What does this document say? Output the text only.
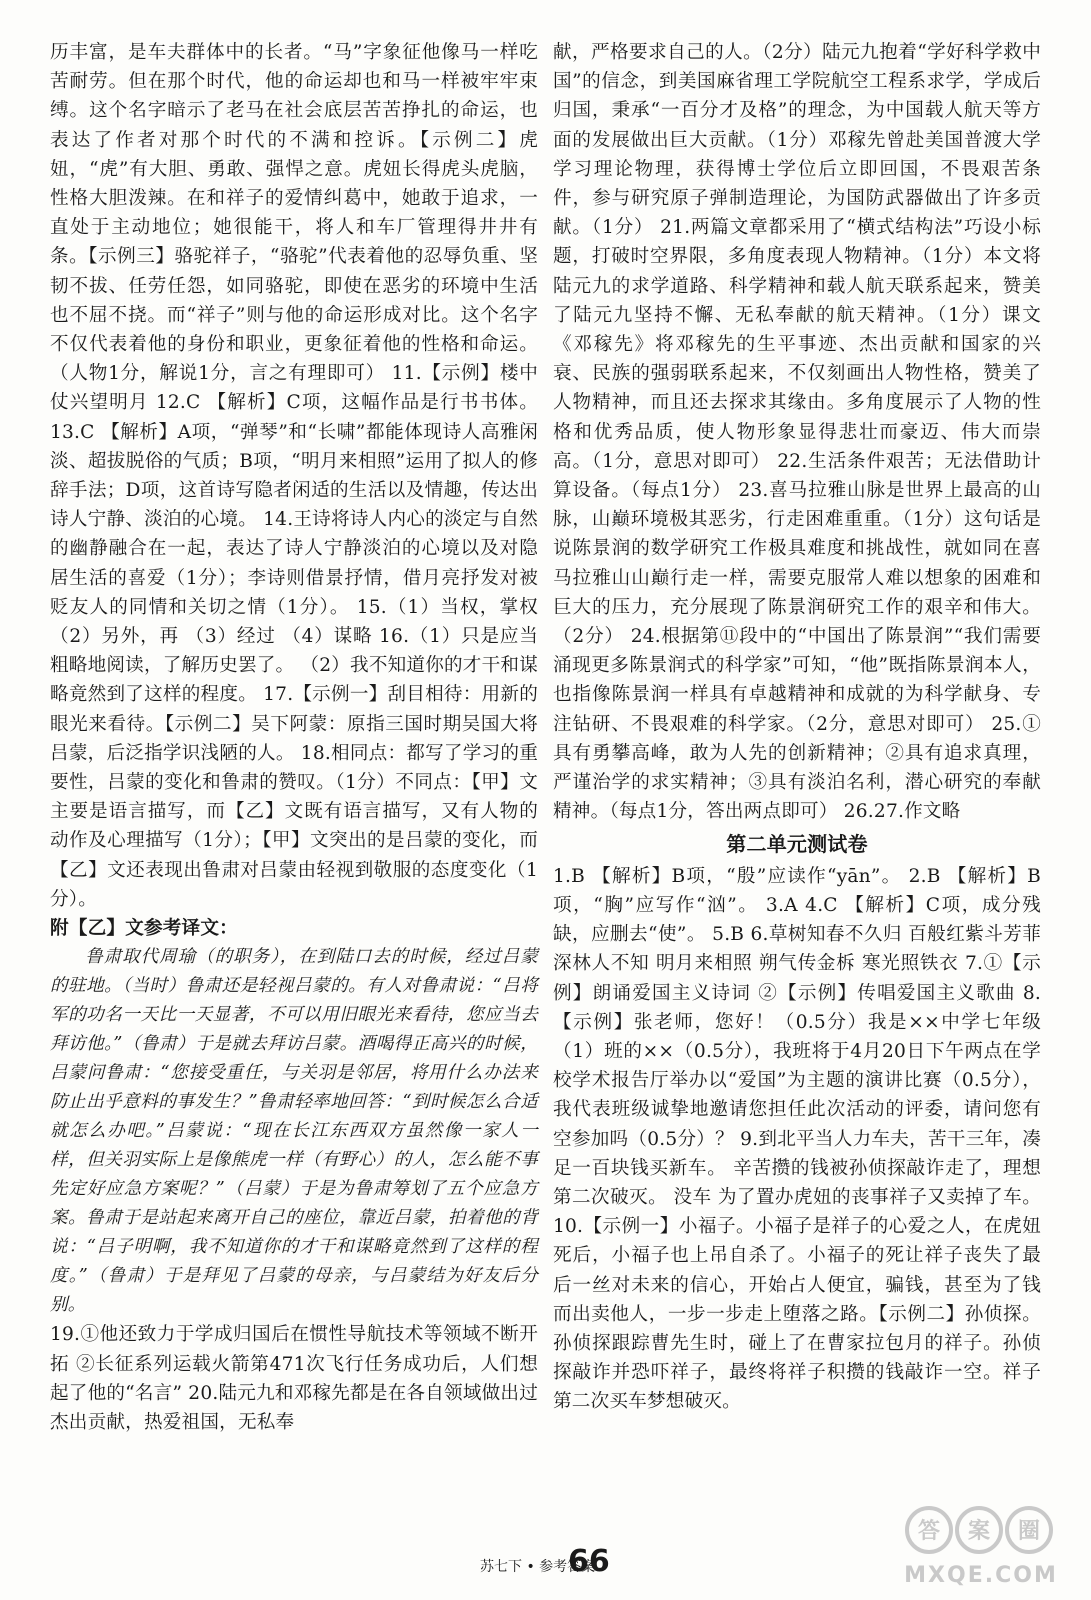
历丰富，是车夫群体中的长者。“马”字象征他像马一样吃苦耐劳。但在那个时代，他的命运却也和马一样被牢牢束缚。这个名字暗示了老马在社会底层苦苦挣扎的命运，也表达了作者对那个时代的不满和控诉。【示例二】虎妞，“虎”有大胆、勇敢、强悍之意。虎妞长得虎头虎脑，性格大胆泼辣。在和祥子的爱情纠葛中，她敢于追求，一直处于主动地位；她很能干，将人和车厂管理得井井有条。【示例三】骆驼祥子，“骆驼”代表着他的忍辱负重、坚韧不拔、任劳任怨，如同骆驼，即使在恶劣的环境中生活也不屈不挠。而“祥子”则与他的命运形成对比。这个名字不仅代表着他的身份和职业，更象征着他的性格和命运。（人物1分，解说1分，言之有理即可） 11.【示例】楼中仗兴望明月 12.C 【解析】C项，这幅作品是行书书体。 13.C 【解析】A项，“弹琴”和“长啸”都能体现诗人高雅闲淡、超拔脱俗的气质；B项，“明月来相照”运用了拟人的修辞手法；D项，这首诗写隐者闲适的生活以及情趣，传达出诗人宁静、淡泊的心境。 14.王诗将诗人内心的淡定与自然的幽静融合在一起，表达了诗人宁静淡泊的心境以及对隐居生活的喜爱（1分）；李诗则借景抒情，借月亮抒发对被贬友人的同情和关切之情（1分）。 15.（1）当权，掌权 （2）另外，再 （3）经过 （4）谋略 16.（1）只是应当粗略地阅读，了解历史罢了。 （2）我不知道你的才干和谋略竟然到了这样的程度。 17.【示例一】刮目相待：用新的眼光来看待。【示例二】吴下阿蒙：原指三国时期吴国大将吕蒙，后泛指学识浅陋的人。 18.相同点：都写了学习的重要性，吕蒙的变化和鲁肃的赞叹。（1分）不同点：【甲】文主要是语言描写，而【乙】文既有语言描写，又有人物的动作及心理描写（1分）；【甲】文突出的是吕蒙的变化，而【乙】文还表现出鲁肃对吕蒙由轻视到敬服的态度变化（1分）。

附【乙】文参考译文：

鲁肃取代周瑜（的职务），在到陆口去的时候，经过吕蒙的驻地。（当时）鲁肃还是轻视吕蒙的。有人对鲁肃说：“吕将军的功名一天比一天显著，不可以用旧眼光来看待，您应当去拜访他。”（鲁肃）于是就去拜访吕蒙。酒喝得正高兴的时候，吕蒙问鲁肃：“您接受重任，与关羽是邻居，将用什么办法来防止出乎意料的事发生？”鲁肃轻率地回答：“到时候怎么合适就怎么办吧。”吕蒙说：“现在长江东西双方虽然像一家人一样，但关羽实际上是像熊虎一样（有野心）的人，怎么能不事先定好应急方案呢？”（吕蒙）于是为鲁肃筹划了五个应急方案。鲁肃于是站起来离开自己的座位，靠近吕蒙，拍着他的背说：“吕子明啊，我不知道你的才干和谋略竟然到了这样的程度。”（鲁肃）于是拜见了吕蒙的母亲，与吕蒙结为好友后分别。

19.①他还致力于学成归国后在惯性导航技术等领域不断开拓 ②长征系列运载火箭第471次飞行任务成功后，人们想起了他的“名言” 20.陆元九和邓稼先都是在各自领域做出过杰出贡献，热爱祖国，无私奉

献，严格要求自己的人。（2分）陆元九抱着“学好科学救中国”的信念，到美国麻省理工学院航空工程系求学，学成后归国，秉承“一百分才及格”的理念，为中国载人航天等方面的发展做出巨大贡献。（1分）邓稼先曾赴美国普渡大学学习理论物理，获得博士学位后立即回国，不畏艰苦条件，参与研究原子弹制造理论，为国防武器做出了许多贡献。（1分） 21.两篇文章都采用了“横式结构法”巧设小标题，打破时空界限，多角度表现人物精神。（1分）本文将陆元九的求学道路、科学精神和载人航天联系起来，赞美了陆元九坚持不懈、无私奉献的航天精神。（1分）课文《邓稼先》将邓稼先的生平事迹、杰出贡献和国家的兴衰、民族的强弱联系起来，不仅刻画出人物性格，赞美了人物精神，而且还去探求其缘由。多角度展示了人物的性格和优秀品质，使人物形象显得悲壮而豪迈、伟大而崇高。（1分，意思对即可） 22.生活条件艰苦；无法借助计算设备。（每点1分） 23.喜马拉雅山脉是世界上最高的山脉，山巅环境极其恶劣，行走困难重重。（1分）这句话是说陈景润的数学研究工作极具难度和挑战性，就如同在喜马拉雅山山巅行走一样，需要克服常人难以想象的困难和巨大的压力，充分展现了陈景润研究工作的艰辛和伟大。（2分） 24.根据第⑪段中的“中国出了陈景润”“我们需要涌现更多陈景润式的科学家”可知，“他”既指陈景润本人，也指像陈景润一样具有卓越精神和成就的为科学献身、专注钻研、不畏艰难的科学家。（2分，意思对即可） 25.①具有勇攀高峰，敢为人先的创新精神；②具有追求真理，严谨治学的求实精神；③具有淡泊名利，潜心研究的奉献精神。（每点1分，答出两点即可） 26.27.作文略

第二单元测试卷

1.B 【解析】B项，“殷”应读作“yān”。 2.B 【解析】B项，“胸”应写作“汹”。 3.A 4.C 【解析】C项，成分残缺，应删去“使”。 5.B 6.草树知春不久归 百般红紫斗芳菲 深林人不知 明月来相照 朔气传金柝 寒光照铁衣 7.①【示例】朗诵爱国主义诗词 ②【示例】传唱爱国主义歌曲 8.【示例】张老师，您好！（0.5分）我是××中学七年级（1）班的××（0.5分），我班将于4月20日下午两点在学校学术报告厅举办以“爱国”为主题的演讲比赛（0.5分），我代表班级诚挚地邀请您担任此次活动的评委，请问您有空参加吗（0.5分）？ 9.到北平当人力车夫，苦干三年，凑足一百块钱买新车。 辛苦攒的钱被孙侦探敲诈走了，理想第二次破灭。 没车 为了置办虎妞的丧事祥子又卖掉了车。 10.【示例一】小福子。小福子是祥子的心爱之人，在虎妞死后，小福子也上吊自杀了。小福子的死让祥子丧失了最后一丝对未来的信心，开始占人便宜，骗钱，甚至为了钱而出卖他人，一步一步走上堕落之路。【示例二】孙侦探。孙侦探跟踪曹先生时，碰上了在曹家拉包月的祥子。孙侦探敲诈并恐吓祥子，最终将祥子积攒的钱敲诈一空。祥子第二次买车梦想破灭。

苏七下 • 参考答案
66
答 案 圈
MXQE.COM
